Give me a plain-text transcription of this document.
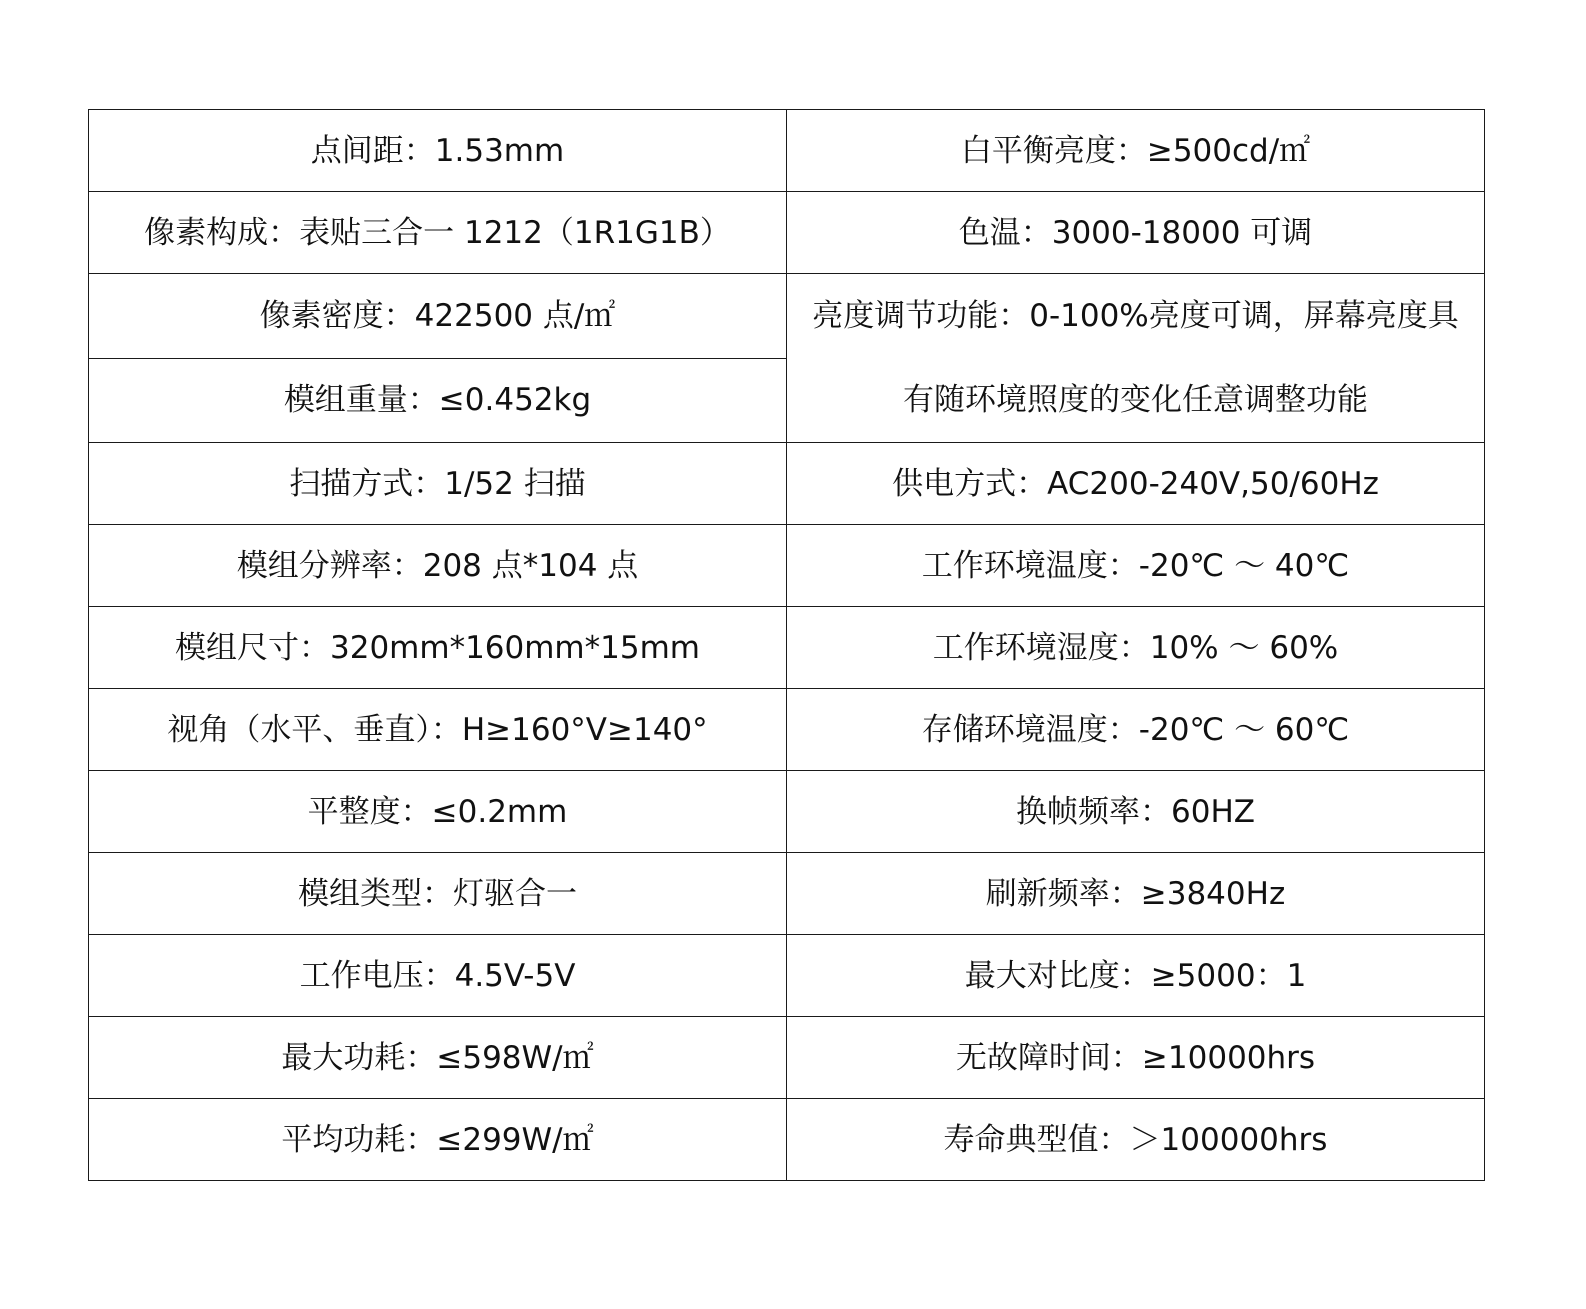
点间距：1.53mm	白平衡亮度：≥500cd/㎡
像素构成：表贴三合一 1212（1R1G1B）	色温：3000-18000 可调
像素密度：422500 点/㎡	亮度调节功能：0-100%亮度可调，屏幕亮度具有随环境照度的变化任意调整功能
模组重量：≤0.452kg	
扫描方式：1/52 扫描	供电方式：AC200-240V,50/60Hz
模组分辨率：208 点*104 点	工作环境温度：-20℃ ～ 40℃
模组尺寸：320mm*160mm*15mm	工作环境湿度：10% ～ 60%
视角（水平、垂直）：H≥160°V≥140°	存储环境温度：-20℃ ～ 60℃
平整度：≤0.2mm	换帧频率：60HZ
模组类型：灯驱合一	刷新频率：≥3840Hz
工作电压：4.5V-5V	最大对比度：≥5000：1
最大功耗：≤598W/㎡	无故障时间：≥10000hrs
平均功耗：≤299W/㎡	寿命典型值：＞100000hrs
